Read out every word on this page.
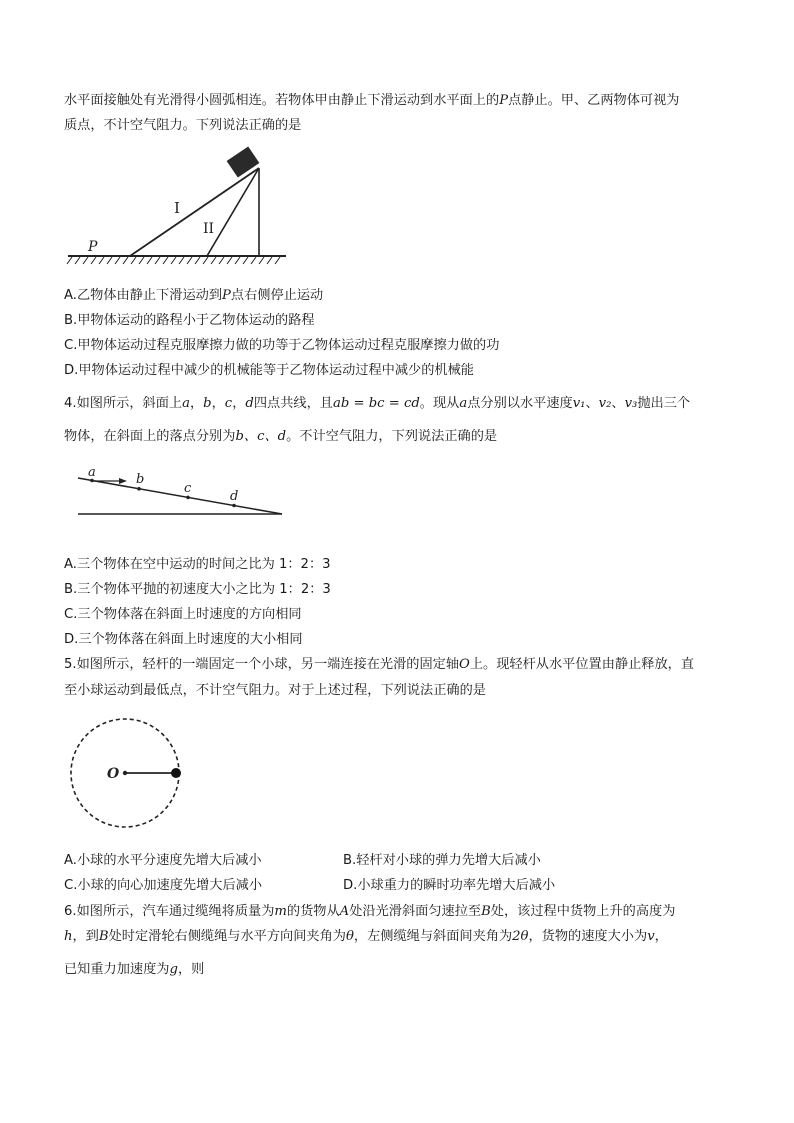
水平面接触处有光滑得小圆弧相连。若物体甲由静止下滑运动到水平面上的P点静止。甲、乙两物体可视为
质点，不计空气阻力。下列说法正确的是
I
II
P
A.乙物体由静止下滑运动到P点右侧停止运动
B.甲物体运动的路程小于乙物体运动的路程
C.甲物体运动过程克服摩擦力做的功等于乙物体运动过程克服摩擦力做的功
D.甲物体运动过程中减少的机械能等于乙物体运动过程中减少的机械能
4.如图所示，斜面上a，b，c，d四点共线，且ab = bc = cd。现从a点分别以水平速度v₁、v₂、v₃抛出三个
物体，在斜面上的落点分别为b、c、d。不计空气阻力，下列说法正确的是
a	b
c
d
A.三个物体在空中运动的时间之比为 1：2：3
B.三个物体平抛的初速度大小之比为 1：2：3
C.三个物体落在斜面上时速度的方向相同
D.三个物体落在斜面上时速度的大小相同
5.如图所示，轻杆的一端固定一个小球，另一端连接在光滑的固定轴O上。现轻杆从水平位置由静止释放，直
至小球运动到最低点，不计空气阻力。对于上述过程，下列说法正确的是
O
A.小球的水平分速度先增大后减小	B.轻杆对小球的弹力先增大后减小
C.小球的向心加速度先增大后减小	D.小球重力的瞬时功率先增大后减小
6.如图所示，汽车通过缆绳将质量为m的货物从A处沿光滑斜面匀速拉至B处，该过程中货物上升的高度为
h，到B处时定滑轮右侧缆绳与水平方向间夹角为θ，左侧缆绳与斜面间夹角为2θ，货物的速度大小为v，
已知重力加速度为g，则
